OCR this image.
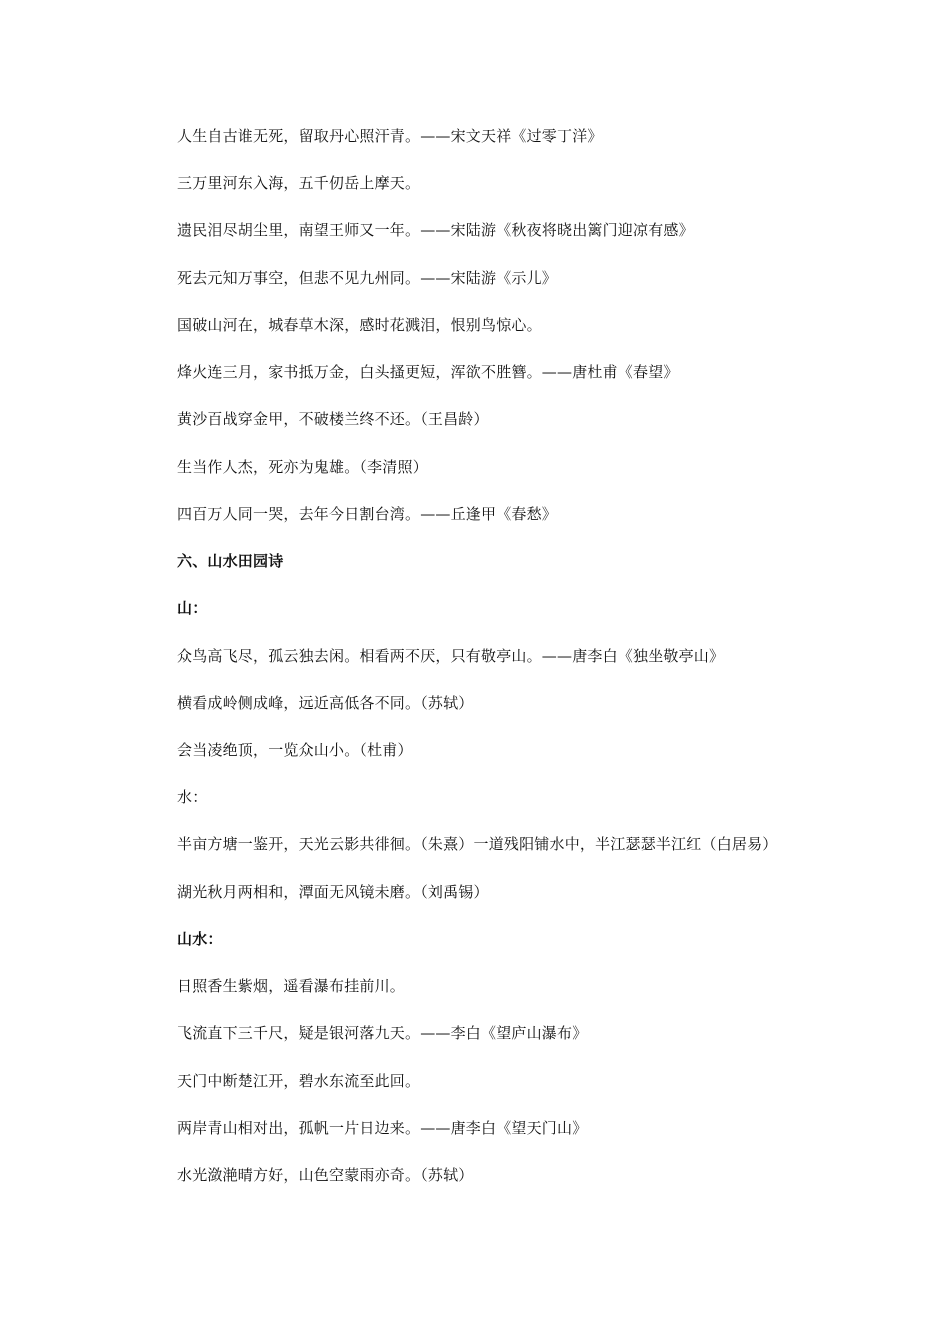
人生自古谁无死，留取丹心照汗青。——宋文天祥《过零丁洋》
三万里河东入海，五千仞岳上摩天。
遗民泪尽胡尘里，南望王师又一年。——宋陆游《秋夜将晓出篱门迎凉有感》
死去元知万事空，但悲不见九州同。——宋陆游《示儿》
国破山河在，城春草木深，感时花溅泪，恨别鸟惊心。
烽火连三月，家书抵万金，白头搔更短，浑欲不胜簪。——唐杜甫《春望》
黄沙百战穿金甲，不破楼兰终不还。（王昌龄）
生当作人杰，死亦为鬼雄。（李清照）
四百万人同一哭，去年今日割台湾。——丘逢甲《春愁》
六、山水田园诗
山：
众鸟高飞尽，孤云独去闲。相看两不厌，只有敬亭山。——唐李白《独坐敬亭山》
横看成岭侧成峰，远近高低各不同。（苏轼）
会当凌绝顶，一览众山小。（杜甫）
水：
半亩方塘一鉴开，天光云影共徘徊。（朱熹）一道残阳铺水中，半江瑟瑟半江红（白居易）
湖光秋月两相和，潭面无风镜未磨。（刘禹锡）
山水：
日照香生紫烟，遥看瀑布挂前川。
飞流直下三千尺，疑是银河落九天。——李白《望庐山瀑布》
天门中断楚江开，碧水东流至此回。
两岸青山相对出，孤帆一片日边来。——唐李白《望天门山》
水光潋滟晴方好，山色空蒙雨亦奇。（苏轼）
